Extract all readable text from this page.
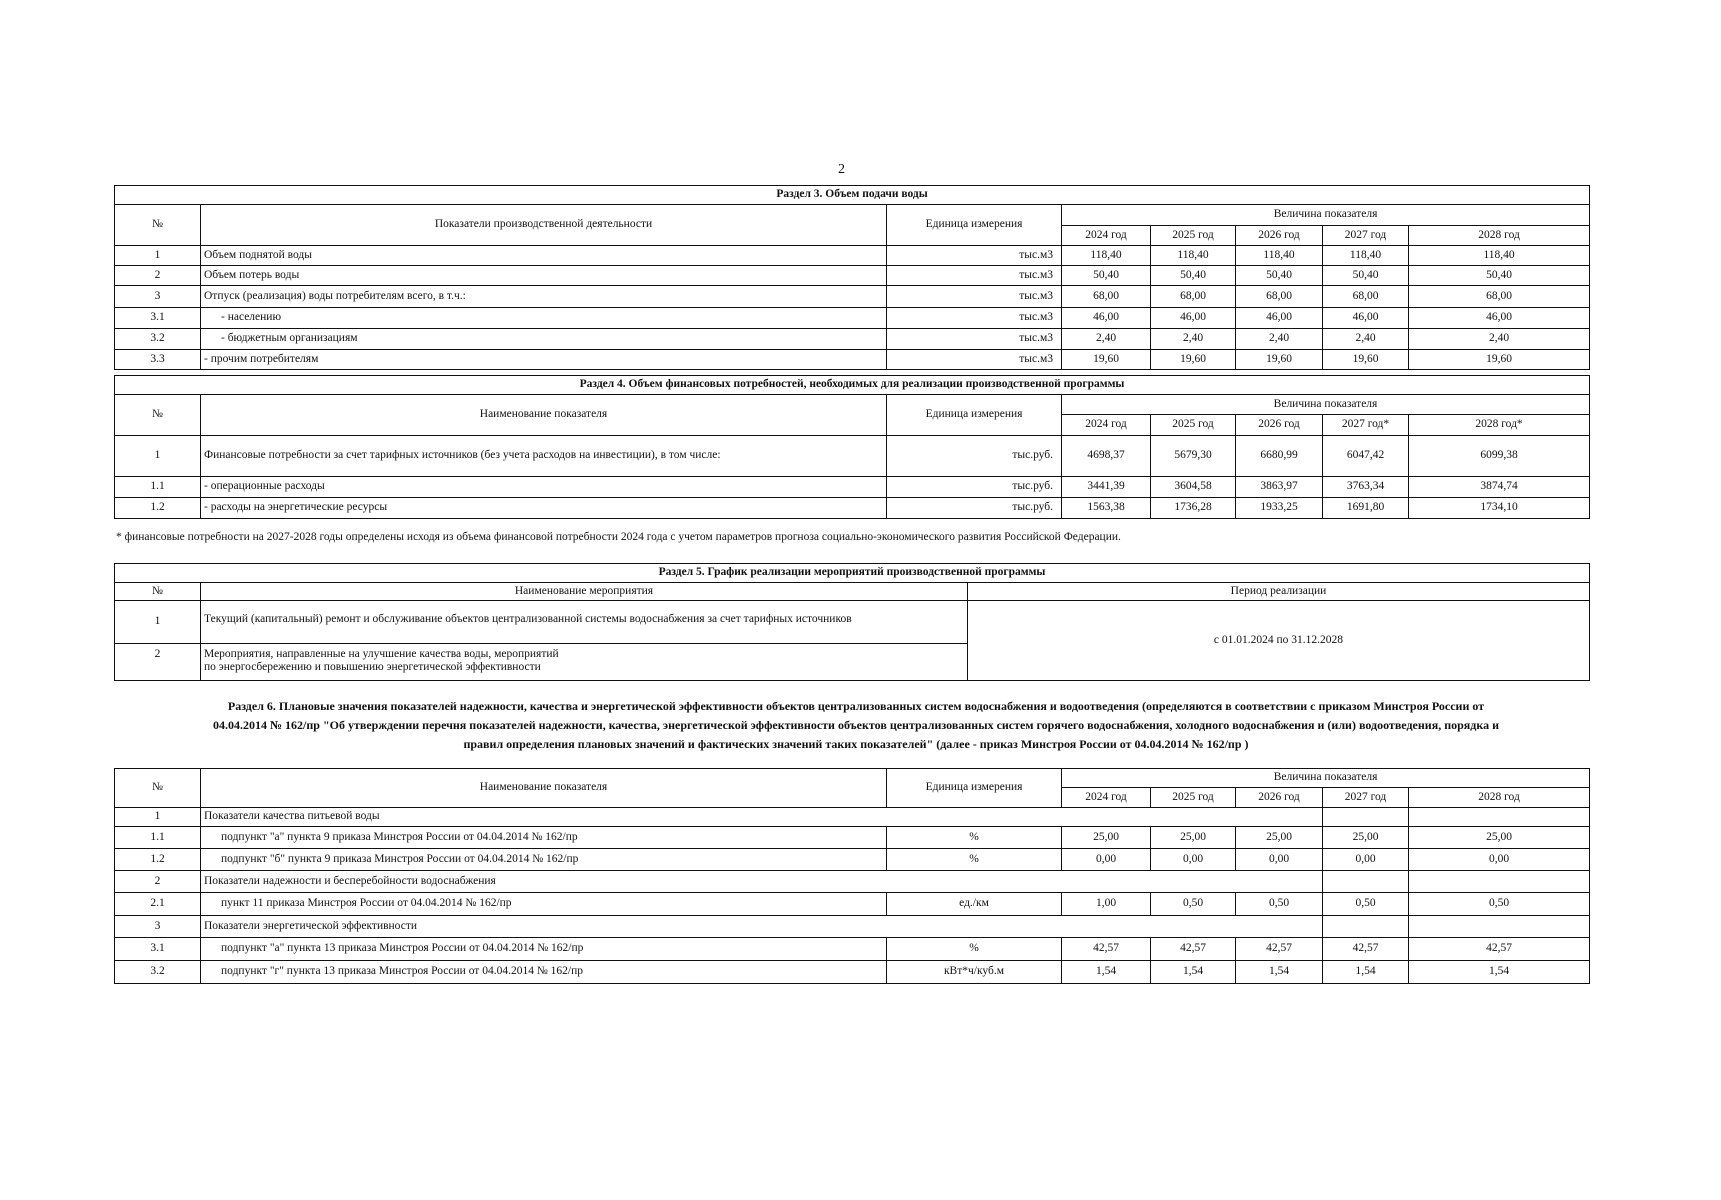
2
Раздел 3. Объем подачи воды							
№	Показатели производственной деятельности	Единица измерения	Величина показателя				
			2024 год	2025 год	2026 год	2027 год	2028 год
1	Объем поднятой воды	тыс.м3	118,40	118,40	118,40	118,40	118,40
2	Объем потерь воды	тыс.м3	50,40	50,40	50,40	50,40	50,40
3	Отпуск (реализация) воды потребителям всего, в т.ч.:	тыс.м3	68,00	68,00	68,00	68,00	68,00
3.1	- населению	тыс.м3	46,00	46,00	46,00	46,00	46,00
3.2	- бюджетным организациям	тыс.м3	2,40	2,40	2,40	2,40	2,40
3.3	- прочим потребителям	тыс.м3	19,60	19,60	19,60	19,60	19,60
Раздел 4. Объем финансовых потребностей, необходимых для реализации производственной программы							
№	Наименование показателя	Единица измерения	Величина показателя				
			2024 год	2025 год	2026 год	2027 год*	2028 год*
1	Финансовые потребности за счет тарифных источников (без учета расходов на инвестиции), в том числе:	тыс.руб.	4698,37	5679,30	6680,99	6047,42	6099,38
1.1	- операционные расходы	тыс.руб.	3441,39	3604,58	3863,97	3763,34	3874,74
1.2	- расходы на энергетические ресурсы	тыс.руб.	1563,38	1736,28	1933,25	1691,80	1734,10
* финансовые потребности на 2027-2028 годы определены исходя из объема финансовой потребности 2024 года с учетом параметров прогноза социально-экономического развития Российской Федерации.
Раздел 5. График реализации мероприятий производственной программы		
№	Наименование мероприятия	Период реализации
1	Текущий (капитальный) ремонт и обслуживание объектов централизованной системы водоснабжения за счет тарифных источников	с 01.01.2024 по 31.12.2028
2	Мероприятия, направленные на улучшение качества воды, мероприятий
по энергосбережению и повышению энергетической эффективности	
Раздел 6. Плановые значения показателей надежности, качества и энергетической эффективности объектов централизованных систем водоснабжения и водоотведения (определяются в соответствии с приказом Минстроя России от
04.04.2014 № 162/пр "Об утверждении перечня показателей надежности, качества, энергетической эффективности объектов централизованных систем горячего водоснабжения, холодного водоснабжения и (или) водоотведения, порядка и
правил определения плановых значений и фактических значений таких показателей" (далее - приказ Минстроя России от 04.04.2014 № 162/пр )
№	Наименование показателя	Единица измерения	Величина показателя				
			2024 год	2025 год	2026 год	2027 год	2028 год
1	Показатели качества питьевой воды						
1.1	подпункт "а" пункта 9 приказа Минстроя России от 04.04.2014 № 162/пр	%	25,00	25,00	25,00	25,00	25,00
1.2	подпункт "б" пункта 9 приказа Минстроя России от 04.04.2014 № 162/пр	%	0,00	0,00	0,00	0,00	0,00
2	Показатели надежности и бесперебойности водоснабжения						
2.1	пункт 11 приказа Минстроя России от 04.04.2014 № 162/пр	ед./км	1,00	0,50	0,50	0,50	0,50
3	Показатели энергетической эффективности						
3.1	подпункт "а" пункта 13 приказа Минстроя России от 04.04.2014 № 162/пр	%	42,57	42,57	42,57	42,57	42,57
3.2	подпункт "г" пункта 13 приказа Минстроя России от 04.04.2014 № 162/пр	кВт*ч/куб.м	1,54	1,54	1,54	1,54	1,54
